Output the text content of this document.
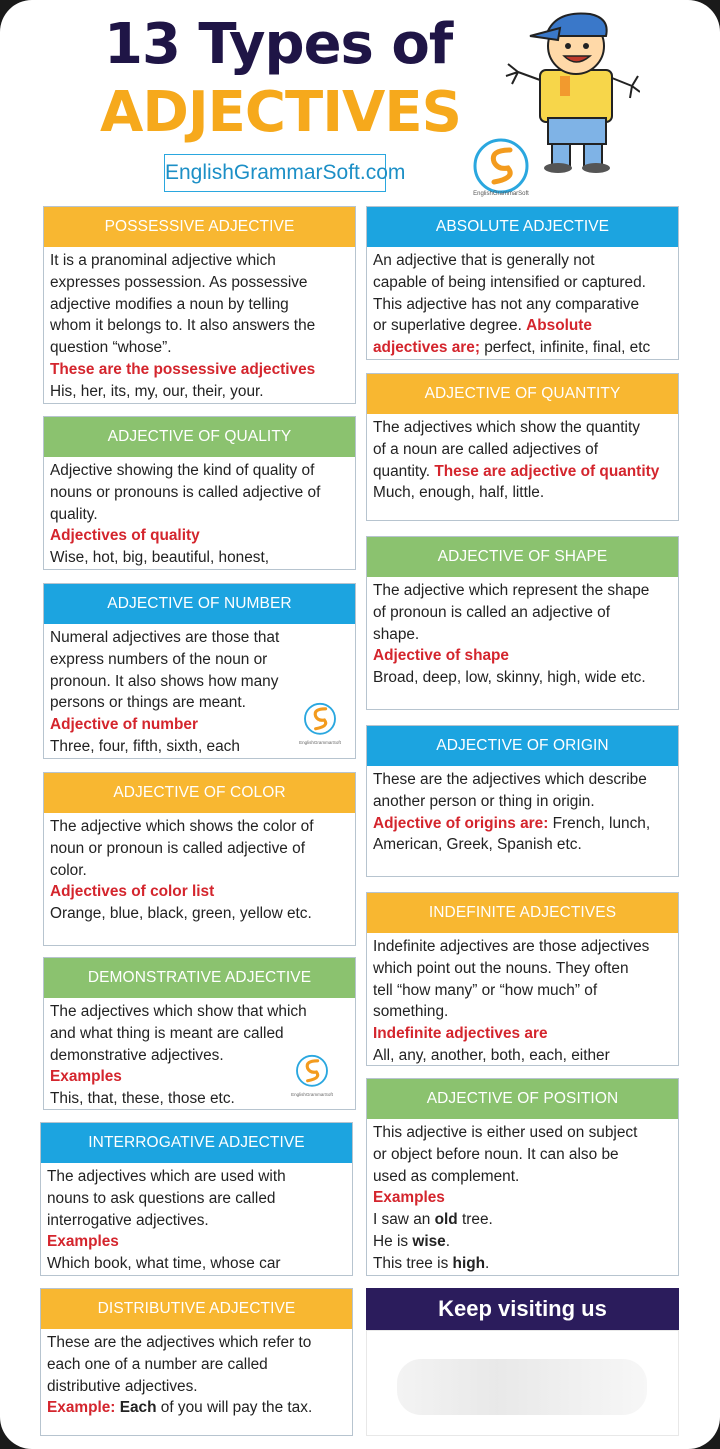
13 Types of
ADJECTIVES
EnglishGrammarSoft.com
EnglishGrammarSoft
POSSESSIVE ADJECTIVE
It is a pranominal adjective which
expresses possession. As possessive
adjective modifies a noun by telling
whom it belongs to. It also answers the
question “whose”.
These are the possessive adjectives
His, her, its, my, our, their, your.
ABSOLUTE ADJECTIVE
An adjective that is generally not
capable of being intensified or captured.
This adjective has not any comparative
or superlative degree. Absolute
adjectives are; perfect, infinite, final, etc
ADJECTIVE OF QUALITY
Adjective showing the kind of quality of
nouns or pronouns is called adjective of
quality.
Adjectives of quality
Wise, hot, big, beautiful, honest,
ADJECTIVE OF QUANTITY
The adjectives which show the quantity
of a noun are called adjectives of
quantity. These are adjective of quantity
Much, enough, half, little.
ADJECTIVE OF NUMBER
Numeral adjectives are those that
express numbers of the noun or
pronoun. It also shows how many
persons or things are meant.
Adjective of number
Three, four, fifth, sixth, each	EnglishGrammarSoft
ADJECTIVE OF SHAPE
The adjective which represent the shape
of pronoun is called an adjective of
shape.
Adjective of shape
Broad, deep, low, skinny, high, wide etc.
ADJECTIVE OF ORIGIN
These are the adjectives which describe
another person or thing in origin.
Adjective of origins are: French, lunch,
American, Greek, Spanish etc.
ADJECTIVE OF COLOR
The adjective which shows the color of
noun or pronoun is called adjective of
color.
Adjectives of color list
Orange, blue, black, green, yellow etc.	INDEFINITE ADJECTIVES
Indefinite adjectives are those adjectives
which point out the nouns. They often
tell “how many” or “how much” of
something.
Indefinite adjectives are
All, any, another, both, each, either
DEMONSTRATIVE ADJECTIVE
The adjectives which show that which
and what thing is meant are called
demonstrative adjectives.
Examples
This, that, these, those etc.	EnglishGrammarSoft	ADJECTIVE OF POSITION
This adjective is either used on subject
or object before noun. It can also be
used as complement.
Examples
I saw an old tree.
He is wise.
This tree is high.
INTERROGATIVE ADJECTIVE
The adjectives which are used with
nouns to ask questions are called
interrogative adjectives.
Examples
Which book, what time, whose car
DISTRIBUTIVE ADJECTIVE
These are the adjectives which refer to
each one of a number are called
distributive adjectives.
Example: Each of you will pay the tax.
Keep visiting us
